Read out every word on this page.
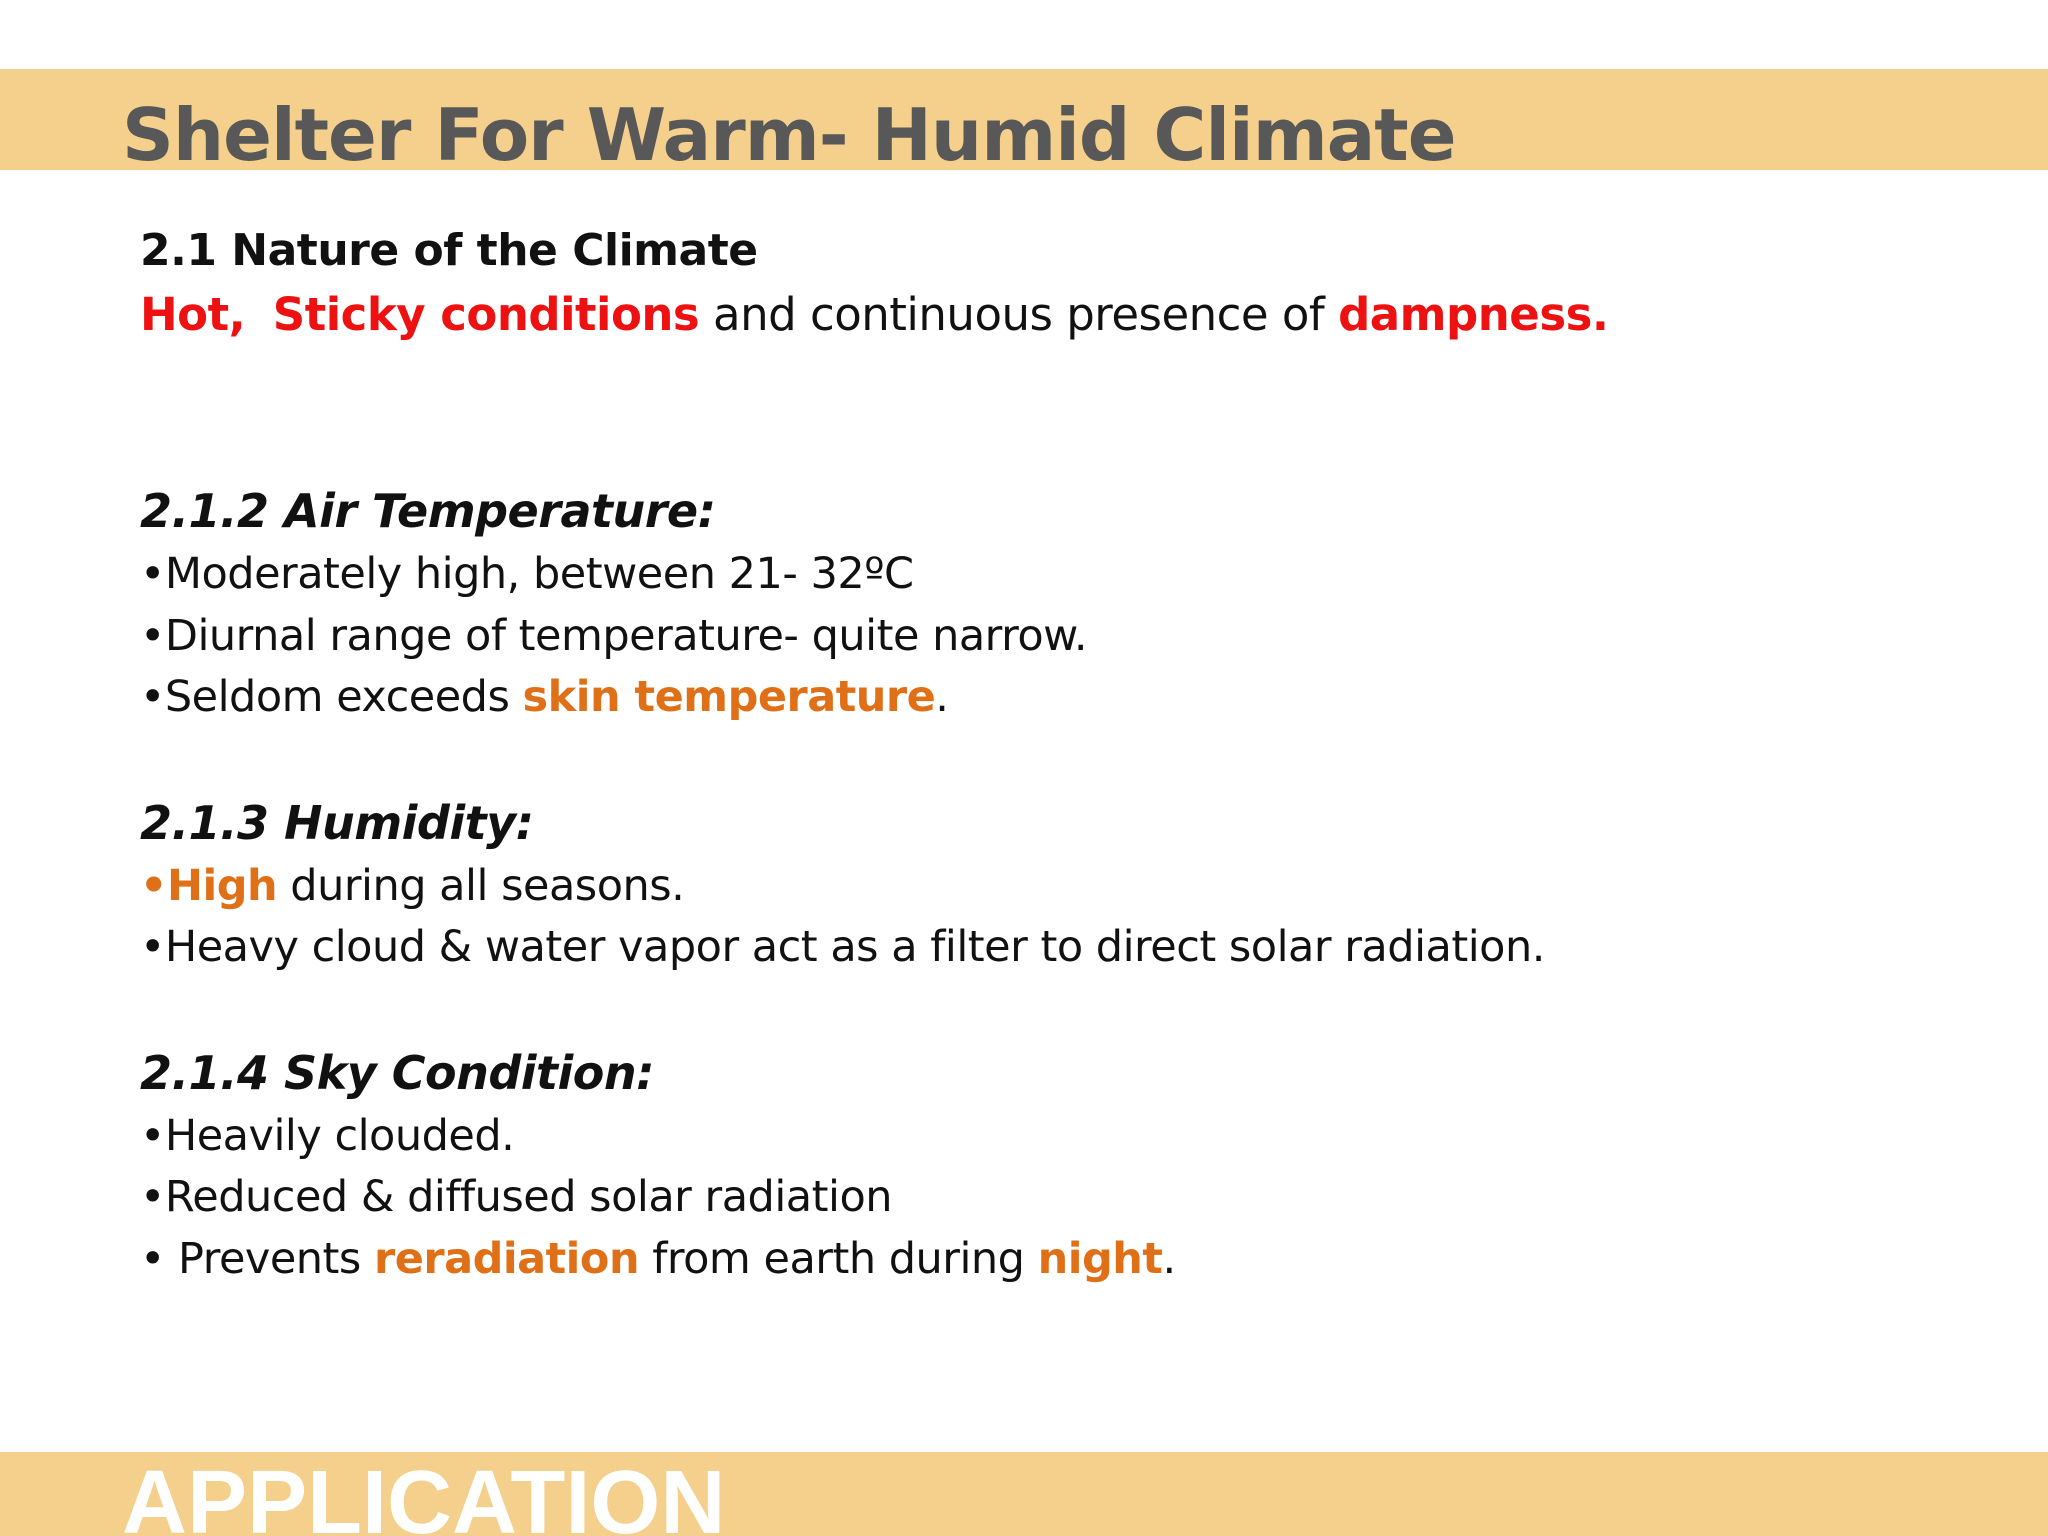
Shelter For Warm- Humid Climate

2.1 Nature of the Climate

Hot, Sticky conditions and continuous presence of dampness.

2.1.2 Air Temperature:

•Moderately high, between 21- 32ºC

•Diurnal range of temperature- quite narrow.

•Seldom exceeds skin temperature.

2.1.3 Humidity:

•High during all seasons.

•Heavy cloud & water vapor act as a filter to direct solar radiation.

2.1.4 Sky Condition:

•Heavily clouded.

•Reduced & diffused solar radiation

• Prevents reradiation from earth during night.

APPLICATION
